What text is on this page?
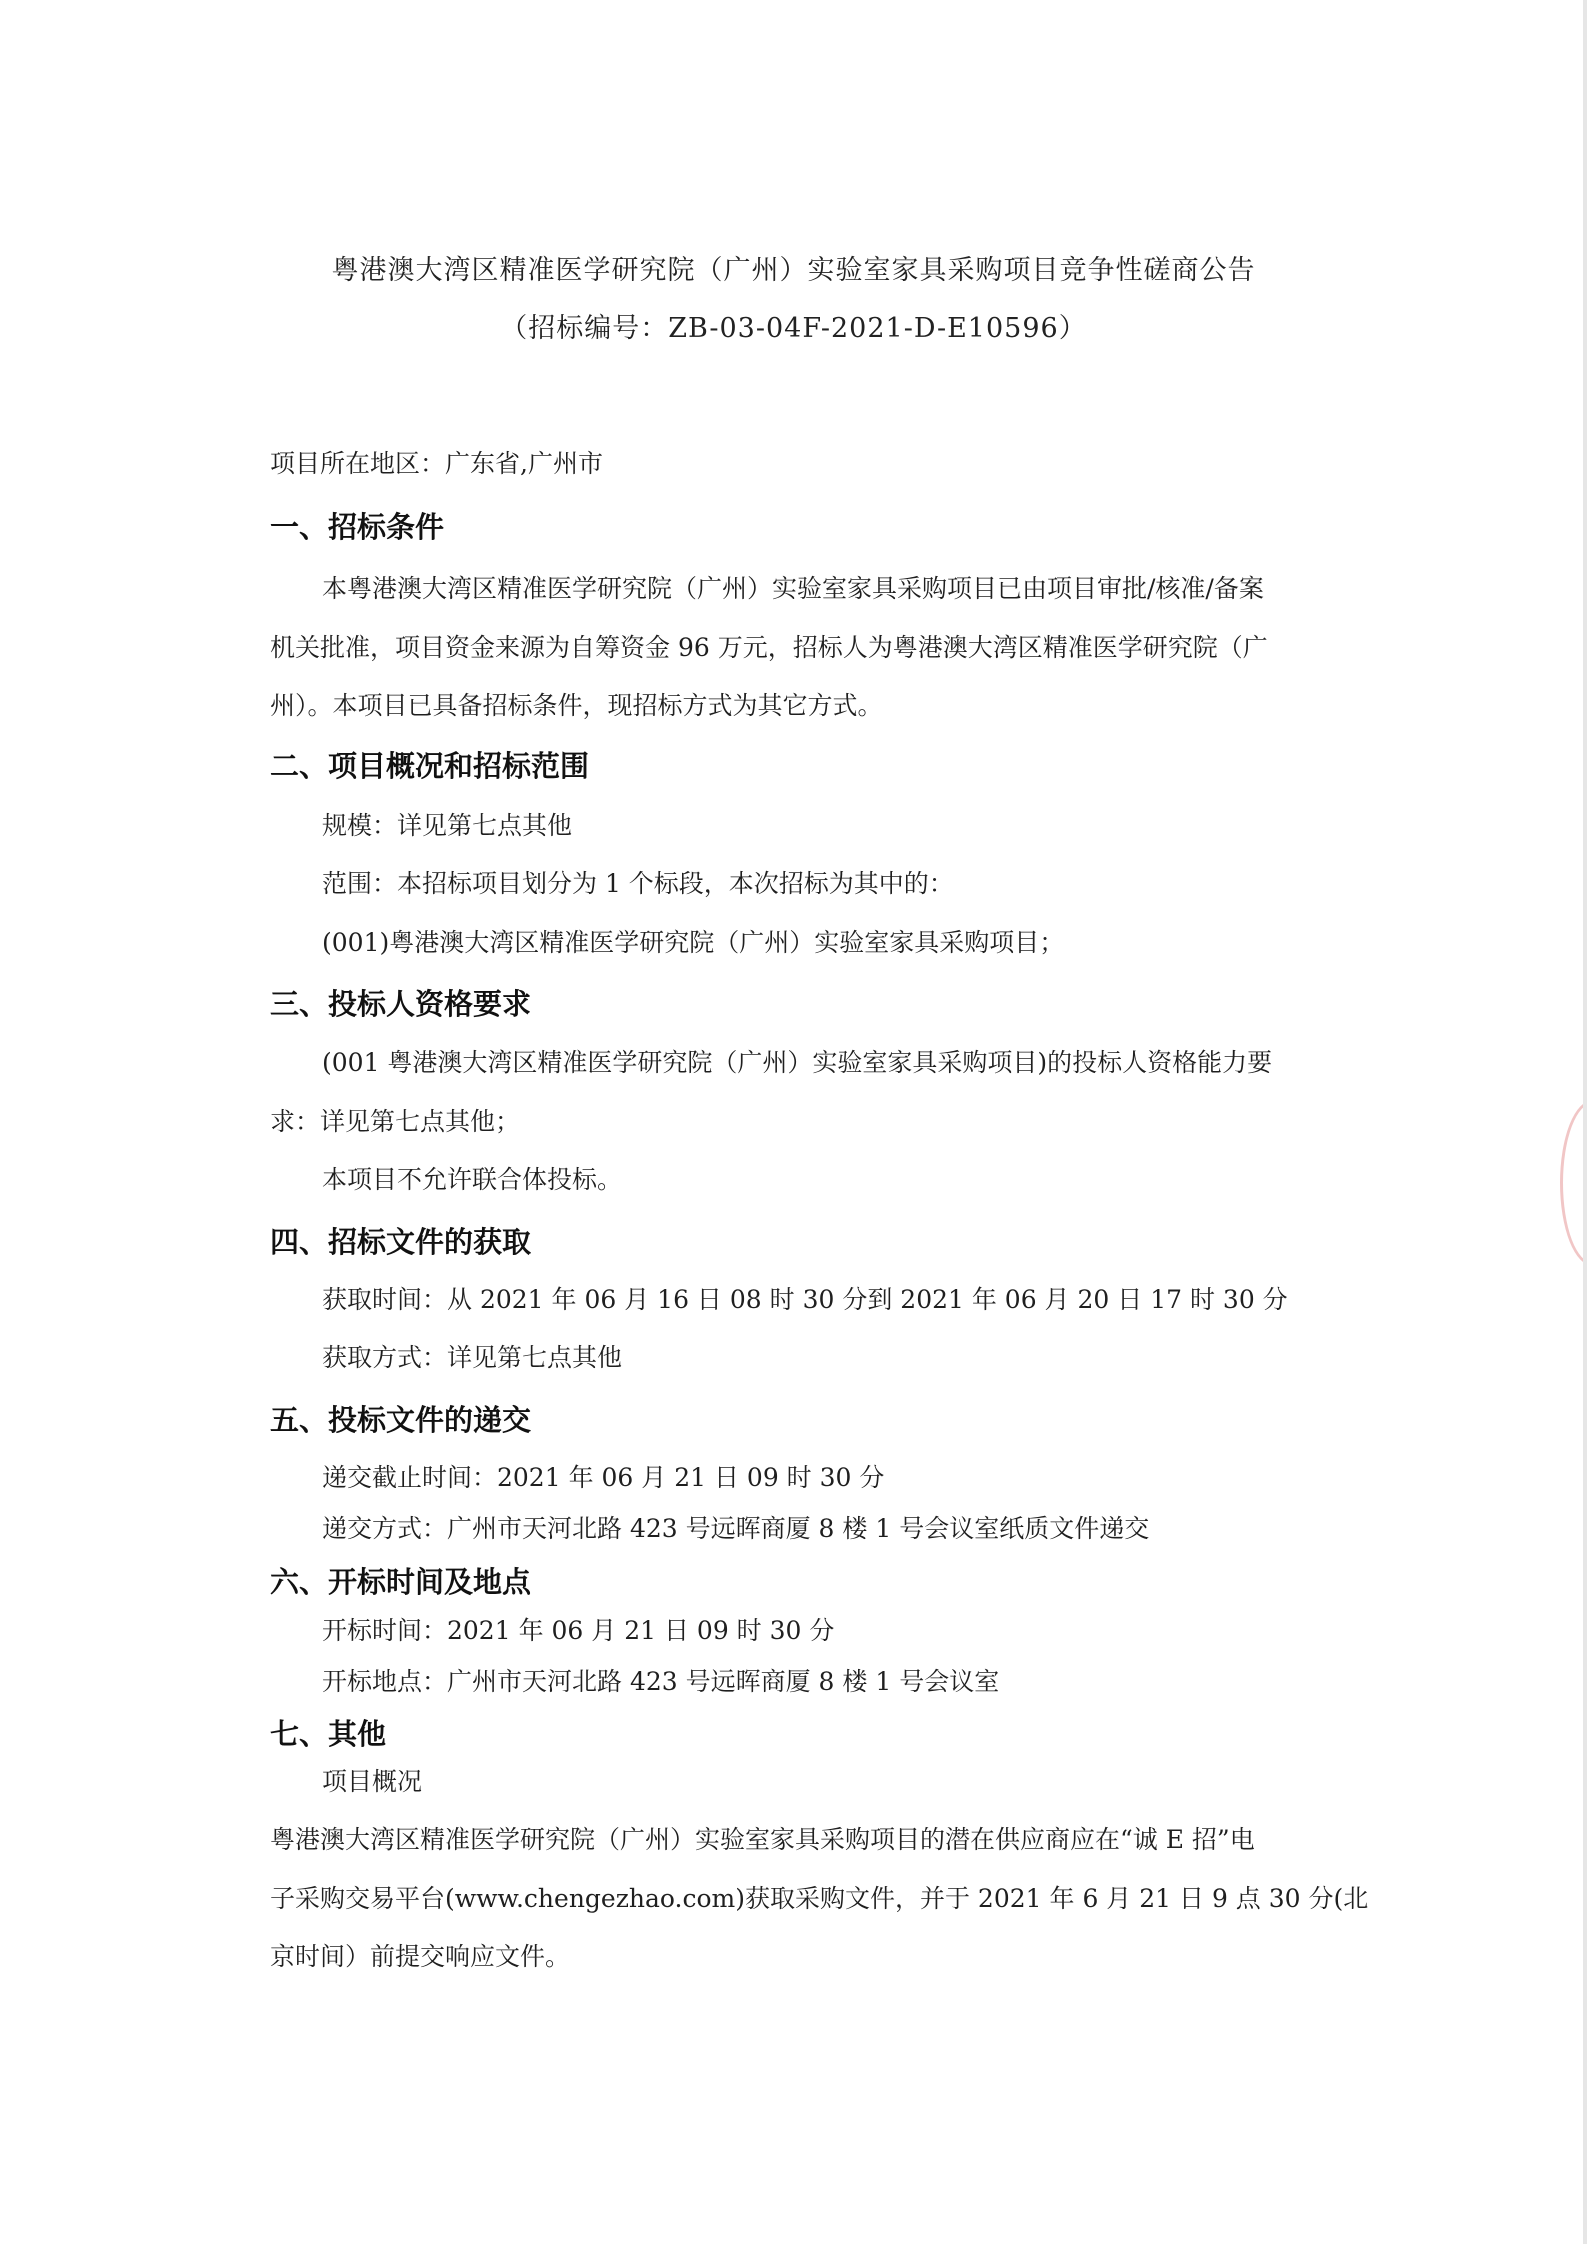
粤港澳大湾区精准医学研究院（广州）实验室家具采购项目竞争性磋商公告
（招标编号：ZB-03-04F-2021-D-E10596）
项目所在地区：广东省,广州市
一、招标条件
本粤港澳大湾区精准医学研究院（广州）实验室家具采购项目已由项目审批/核准/备案
机关批准，项目资金来源为自筹资金 96 万元，招标人为粤港澳大湾区精准医学研究院（广
州）。本项目已具备招标条件，现招标方式为其它方式。
二、项目概况和招标范围
规模：详见第七点其他
范围：本招标项目划分为 1 个标段，本次招标为其中的：
(001)粤港澳大湾区精准医学研究院（广州）实验室家具采购项目；
三、投标人资格要求
(001 粤港澳大湾区精准医学研究院（广州）实验室家具采购项目)的投标人资格能力要
求：详见第七点其他；
本项目不允许联合体投标。
四、招标文件的获取
获取时间：从 2021 年 06 月 16 日 08 时 30 分到 2021 年 06 月 20 日 17 时 30 分
获取方式：详见第七点其他
五、投标文件的递交
递交截止时间：2021 年 06 月 21 日 09 时 30 分
递交方式：广州市天河北路 423 号远晖商厦 8 楼 1 号会议室纸质文件递交
六、开标时间及地点
开标时间：2021 年 06 月 21 日 09 时 30 分
开标地点：广州市天河北路 423 号远晖商厦 8 楼 1 号会议室
七、其他
项目概况
粤港澳大湾区精准医学研究院（广州）实验室家具采购项目的潜在供应商应在“诚 E 招”电
子采购交易平台(www.chengezhao.com)获取采购文件，并于 2021 年 6 月 21 日 9 点 30 分(北
京时间）前提交响应文件。
